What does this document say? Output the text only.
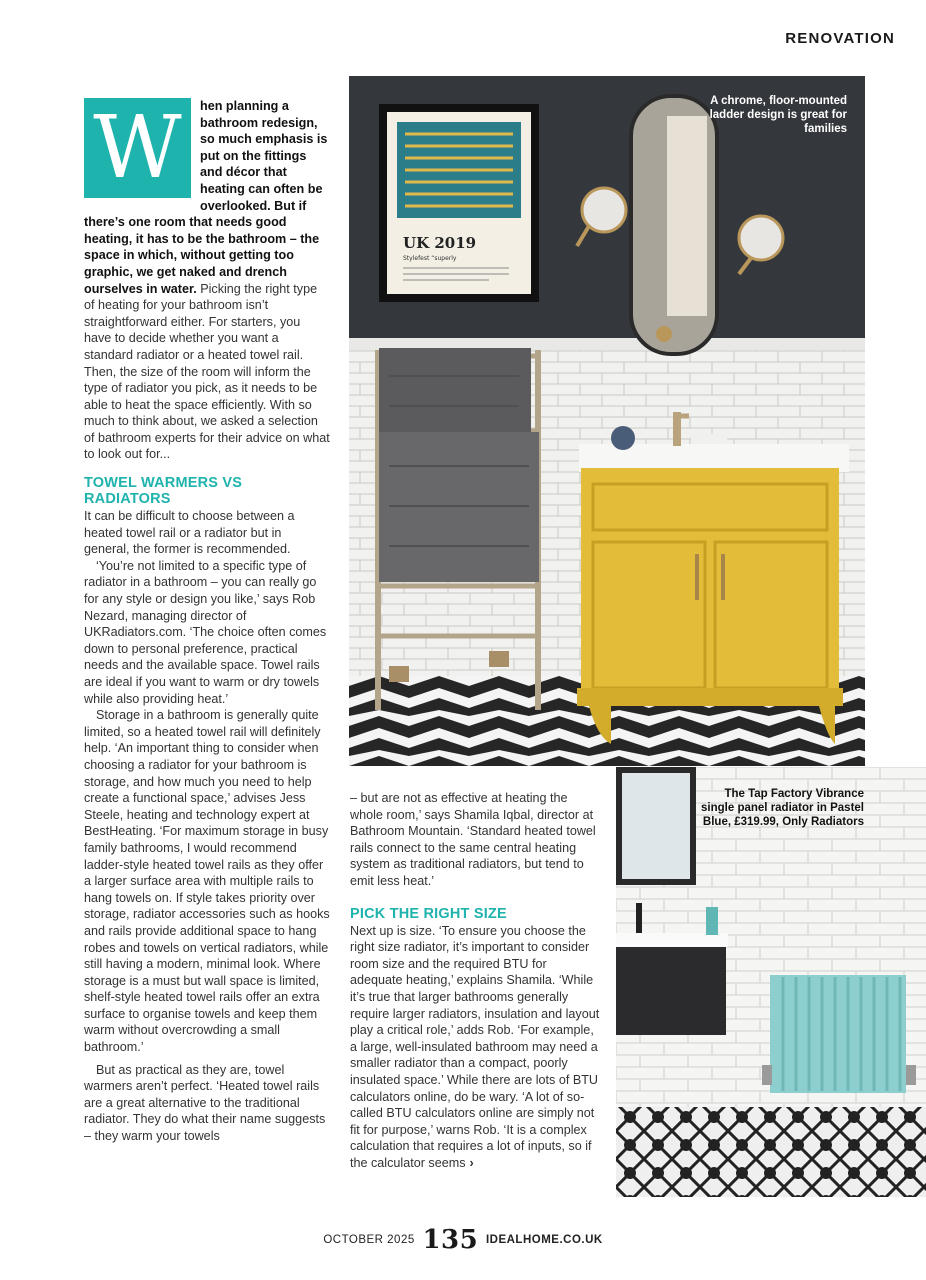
RENOVATION
W	hen planning a bathroom redesign, so much emphasis is put on the fittings and décor that heating can often be overlooked. But if there’s one room that needs good heating, it has to be the bathroom – the space in which, without getting too graphic, we get naked and drench ourselves in water. Picking the right type of heating for your bathroom isn’t straightforward either. For starters, you have to decide whether you want a standard radiator or a heated towel rail. Then, the size of the room will inform the type of radiator you pick, as it needs to be able to heat the space efficiently. With so much to think about, we asked a selection of bathroom experts for their advice on what to look out for...

TOWEL WARMERS VS RADIATORS

It can be difficult to choose between a heated towel rail or a radiator but in general, the former is recommended.

‘You’re not limited to a specific type of radiator in a bathroom – you can really go for any style or design you like,’ says Rob Nezard, managing director of UKRadiators.com. ‘The choice often comes down to personal preference, practical needs and the available space. Towel rails are ideal if you want to warm or dry towels while also providing heat.’

Storage in a bathroom is generally quite limited, so a heated towel rail will definitely help. ‘An important thing to consider when choosing a radiator for your bathroom is storage, and how much you need to help create a functional space,’ advises Jess Steele, heating and technology expert at BestHeating. ‘For maximum storage in busy family bathrooms, I would recommend ladder-style heated towel rails as they offer a larger surface area with multiple rails to hang towels on. If style takes priority over storage, radiator accessories such as hooks and rails provide additional space to hang robes and towels on vertical radiators, while still having a modern, minimal look. Where storage is a must but wall space is limited, shelf-style heated towel rails offer an extra surface to organise towels and keep them warm without overcrowding a small bathroom.’

But as practical as they are, towel warmers aren’t perfect. ‘Heated towel rails are a great alternative to the traditional radiator. They do what their name suggests – they warm your towels

– but are not as effective at heating the whole room,’ says Shamila Iqbal, director at Bathroom Mountain. ‘Standard heated towel rails connect to the same central heating system as traditional radiators, but tend to emit less heat.’

PICK THE RIGHT SIZE

Next up is size. ‘To ensure you choose the right size radiator, it’s important to consider room size and the required BTU for adequate heating,’ explains Shamila. ‘While it’s true that larger bathrooms generally require larger radiators, insulation and layout play a critical role,’ adds Rob. ‘For example, a large, well-insulated bathroom may need a smaller radiator than a compact, poorly insulated space.’ While there are lots of BTU calculators online, do be wary. ‘A lot of so-called BTU calculators online are simply not fit for purpose,’ warns Rob. ‘It is a complex calculation that requires a lot of inputs, so if the calculator seems ›

UK 2019
Stylefest “superly
A chrome, floor-mounted ladder design is great for families
The Tap Factory Vibrance single panel radiator in Pastel Blue, £319.99, Only Radiators
OCTOBER 2025 135 IDEALHOME.CO.UK
